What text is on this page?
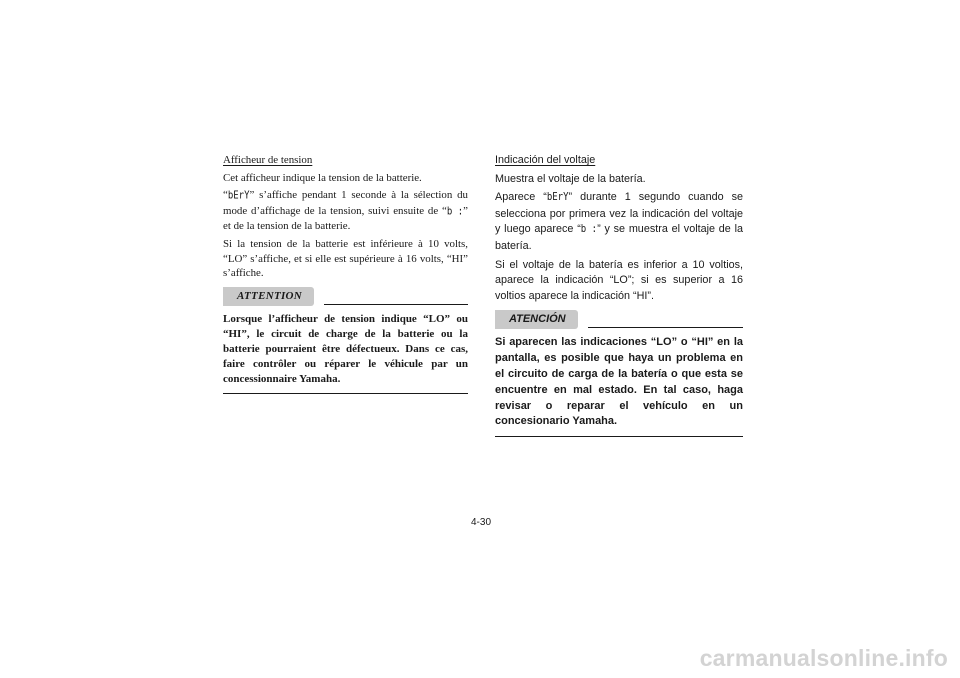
Afficheur de tension

Cet afficheur indique la tension de la batterie.

“bErY” s’affiche pendant 1 seconde à la sélection du mode d’affichage de la tension, suivi ensuite de “b :” et de la tension de la batterie.

Si la tension de la batterie est inférieure à 10 volts, “LO” s’affiche, et si elle est supérieure à 16 volts, “HI” s’affiche.

ATTENTION
Lorsque l’afficheur de tension indique “LO” ou “HI”, le circuit de charge de la batterie ou la batterie pourraient être défectueux. Dans ce cas, faire contrôler ou réparer le véhicule par un concessionnaire Yamaha.
Indicación del voltaje

Muestra el voltaje de la batería.

Aparece “bErY” durante 1 segundo cuando se selecciona por primera vez la indicación del voltaje y luego aparece “b :” y se muestra el voltaje de la batería.

Si el voltaje de la batería es inferior a 10 voltios, aparece la indicación “LO”; si es superior a 16 voltios aparece la indicación “HI”.

ATENCIÓN
Si aparecen las indicaciones “LO” o “HI” en la pantalla, es posible que haya un problema en el circuito de carga de la batería o que esta se encuentre en mal estado. En tal caso, haga revisar o reparar el vehículo en un concesionario Yamaha.
4-30
carmanualsonline.info
